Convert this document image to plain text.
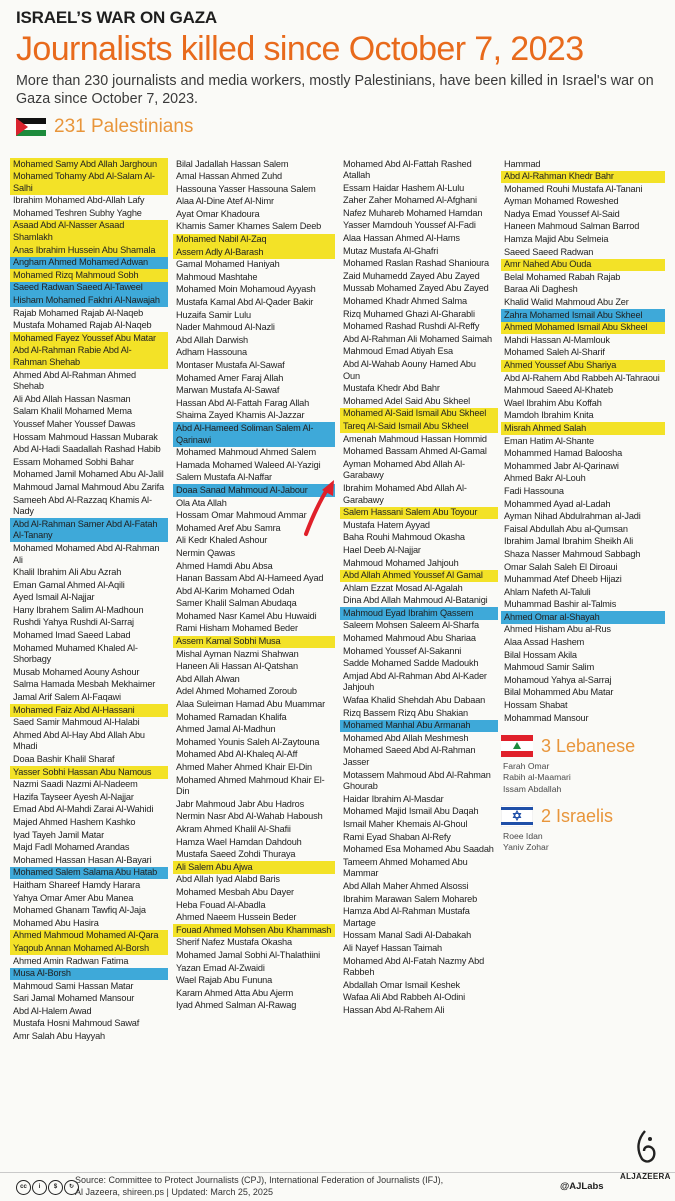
ISRAEL’S WAR ON GAZA
Journalists killed since October 7, 2023
More than 230 journalists and media workers, mostly Palestinians, have been killed in Israel's war on Gaza since October 7, 2023.
231 Palestinians
Mohamed Samy Abd Allah Jarghoun
Mohamed Tohamy Abd Al-Salam Al-Salhi
Ibrahim Mohamed Abd-Allah Lafy
Mohamed Teshren Subhy Yaghe
Asaad Abd Al-Nasser Asaad Shamlakh
Anas Ibrahim Hussein Abu Shamala
Angham Ahmed Mohamed Adwan
Mohamed Rizq Mahmoud Sobh
Saeed Radwan Saeed Al-Taweel
Hisham Mohamed Fakhri Al-Nawajah
Rajab Mohamed Rajab Al-Naqeb
Mustafa Mohamed Rajab Al-Naqeb
Mohamed Fayez Youssef Abu Matar
Abd Al-Rahman Rabie Abd Al-Rahman Shehab
Ahmed Abd Al-Rahman Ahmed Shehab
Ali Abd Allah Hassan Nasman
Salam Khalil Mohamed Mema
Youssef Maher Youssef Dawas
Hossam Mahmoud Hassan Mubarak
Abd Al-Hadi Saadallah Rashad Habib
Essam Mohamed Sobhi Bahar
Mohamed Jamil Mohamed Abu Al-Jalil
Mahmoud Jamal Mahmoud Abu Zarifa
Sameeh Abd Al-Razzaq Khamis Al-Nady
Abd Al-Rahman Samer Abd Al-Fatah Al-Tanany
Mohamed Mohamed Abd Al-Rahman Ali
Khalil Ibrahim Ali Abu Azrah
Eman Gamal Ahmed Al-Aqili
Ayed Ismail Al-Najjar
Hany Ibrahem Salim Al-Madhoun
Rushdi Yahya Rushdi Al-Sarraj
Mohamed Imad Saeed Labad
Mohamed Muhamed Khaled Al-Shorbagy
Musab Mohamed Aouny Ashour
Salma Hamada Mesbah Mekhaimer
Jamal Arif Salem Al-Faqawi
Mohamed Faiz Abd Al-Hassani
Saed Samir Mahmoud Al-Halabi
Ahmed Abd Al-Hay Abd Allah Abu Mhadi
Doaa Bashir Khalil Sharaf
Yasser Sobhi Hassan Abu Namous
Nazmi Saadi Nazmi Al-Nadeem
Hazifa Tayseer Ayesh Al-Najjar
Emad Abd Al-Mahdi Zarai Al-Wahidi
Majed Ahmed Hashem Kashko
Iyad Tayeh Jamil Matar
Majd Fadl Mohamed Arandas
Mohamed Hassan Hasan Al-Bayari
Mohamed Salem Salama Abu Hatab
Haitham Shareef Hamdy Harara
Yahya Omar Amer Abu Manea
Mohamed Ghanam Tawfiq Al-Jaja
Mohamed Abu Hasira
Ahmed Mahmoud Mohamed Al-Qara
Yaqoub Annan Mohamed Al-Borsh
Ahmed Amin Radwan Fatima
Musa Al-Borsh
Mahmoud Sami Hassan Matar
Sari Jamal Mohamed Mansour
Abd Al-Halem Awad
Mustafa Hosni Mahmoud Sawaf
Amr Salah Abu Hayyah
Bilal Jadallah Hassan Salem
Amal Hassan Ahmed Zuhd
Hassouna Yasser Hassouna Salem
Alaa Al-Dine Atef Al-Nimr
Ayat Omar Khadoura
Khamis Samer Khames Salem Deeb
Mohamed Nabil Al-Zaq
Assem Adly Al-Barash
Gamal Mohamed Haniyah
Mahmoud Mashtahe
Mohamed Moin Mohamoud Ayyash
Mustafa Kamal Abd Al-Qader Bakir
Huzaifa Samir Lulu
Nader Mahmoud Al-Nazli
Abd Allah Darwish
Adham Hassouna
Montaser Mustafa Al-Sawaf
Mohamed Amer Faraj Allah
Marwan Mustafa Al-Sawaf
Hassan Abd Al-Fattah Farag Allah
Shaima Zayed Khamis Al-Jazzar
Abd Al-Hameed Soliman Salem Al-Qarinawi
Mohamed Mahmoud Ahmed Salem
Hamada Mohamed Waleed Al-Yazigi
Salem Mustafa Al-Naffar
Doaa Sanad Mahmoud Al-Jabour
Ola Ata Allah
Hossam Omar Mahmoud Ammar
Mohamed Aref Abu Samra
Ali Kedr Khaled Ashour
Nermin Qawas
Ahmed Hamdi Abu Absa
Hanan Bassam Abd Al-Hameed Ayad
Abd Al-Karim Mohamed Odah
Samer Khalil Salman Abudaqa
Mohamed Nasr Kamel Abu Huwaidi
Rami Hisham Mohamed Beder
Assem Kamal Sobhi Musa
Mishal Ayman Nazmi Shahwan
Haneen Ali Hassan Al-Qatshan
Abd Allah Alwan
Adel Ahmed Mohamed Zoroub
Alaa Suleiman Hamad Abu Muammar
Mohamed Ramadan Khalifa
Ahmed Jamal Al-Madhun
Mohamed Younis Saleh Al-Zaytouna
Mohamed Abd Al-Khaleq Al-Aff
Ahmed Maher Ahmed Khair El-Din
Mohamed Ahmed Mahmoud Khair El-Din
Jabr Mahmoud Jabr Abu Hadros
Nermin Nasr Abd Al-Wahab Haboush
Akram Ahmed Khalil Al-Shafii
Hamza Wael Hamdan Dahdouh
Mustafa Saeed Zohdi Thuraya
Ali Salem Abu Ajwa
Abd Allah Iyad Alabd Baris
Mohamed Mesbah Abu Dayer
Heba Fouad Al-Abadla
Ahmed Naeem Hussein Beder
Fouad Ahmed Mohsen Abu Khammash
Sherif Nafez Mustafa Okasha
Mohamed Jamal Sobhi Al-Thalathiini
Yazan Emad Al-Zwaidi
Wael Rajab Abu Fununa
Karam Ahmed Atta Abu Ajerm
Iyad Ahmed Salman Al-Rawag
Mohamed Abd Al-Fattah Rashed Atallah
Essam Haidar Hashem Al-Lulu
Zaher Zaher Mohamed Al-Afghani
Nafez Muhareb Mohamed Hamdan
Yasser Mamdouh Youssef Al-Fadi
Alaa Hassan Ahmed Al-Hams
Mutaz Mustafa Al-Ghafri
Mohamed Raslan Rashad Shanioura
Zaid Muhamedd Zayed Abu Zayed
Mussab Mohamed Zayed Abu Zayed
Mohamed Khadr Ahmed Salma
Rizq Muhamed Ghazi Al-Gharabli
Mohamed Rashad Rushdi Al-Reffy
Abd Al-Rahman Ali Mohamed Saimah
Mahmoud Emad Atiyah Esa
Abd Al-Wahab Aouny Hamed Abu Oun
Mustafa Khedr Abd Bahr
Mohamed Adel Said Abu Skheel
Mohamed Al-Said Ismail Abu Skheel
Tareq Al-Said Ismail Abu Skheel
Amenah Mahmoud Hassan Hommid
Mohamed Bassam Ahmed Al-Gamal
Ayman Mohamed Abd Allah Al-Garabawy
Ibrahim Mohamed Abd Allah Al-Garabawy
Salem Hassani Salem Abu Toyour
Mustafa Hatem Ayyad
Baha Rouhi Mahmoud Okasha
Hael Deeb Al-Najjar
Mahmoud Mohamed Jahjouh
Abd Allah Ahmed Youssef Al Gamal
Ahlam Ezzat Mosad Al-Agalah
Dina Abd Allah Mahmoud Al-Batanigi
Mahmoud Eyad Ibrahim Qassem
Saleem Mohsen Saleem Al-Sharfa
Mohamed Mahmoud Abu Shariaa
Mohamed Youssef Al-Sakanni
Sadde Mohamed Sadde Madoukh
Amjad Abd Al-Rahman Abd Al-Kader Jahjouh
Wafaa Khalid Shehdah Abu Dabaan
Rizq Bassem Rizq Abu Shakian
Mohamed Manhal Abu Armanah
Mohamed Abd Allah Meshmesh
Mohamed Saeed Abd Al-Rahman Jasser
Motassem Mahmoud Abd Al-Rahman Ghourab
Haidar Ibrahim Al-Masdar
Mohamed Majid Ismail Abu Daqah
Ismail Maher Khemais Al-Ghoul
Rami Eyad Shaban Al-Refy
Mohamed Esa Mohamed Abu Saadah
Tameem Ahmed Mohamed Abu Mammar
Abd Allah Maher Ahmed Alsossi
Ibrahim Marawan Salem Mohareb
Hamza Abd Al-Rahman Mustafa Martage
Hossam Manal Sadi Al-Dabakah
Ali Nayef Hassan Taimah
Mohamed Abd Al-Fatah Nazmy Abd Rabbeh
Abdallah Omar Ismail Keshek
Wafaa Ali Abd Rabbeh Al-Odini
Hassan Abd Al-Rahem Ali
Hammad
Abd Al-Rahman Khedr Bahr
Mohamed Rouhi Mustafa Al-Tanani
Ayman Mohamed Roweshed
Nadya Emad Youssef Al-Said
Haneen Mahmoud Salman Barrod
Hamza Majid Abu Selmeia
Saeed Saeed Radwan
Amr Nahed Abu Ouda
Belal Mohamed Rabah Rajab
Baraa Ali Daghesh
Khalid Walid Mahmoud Abu Zer
Zahra Mohamed Ismail Abu Skheel
Ahmed Mohamed Ismail Abu Skheel
Mahdi Hassan Al-Mamlouk
Mohamed Saleh Al-Sharif
Ahmed Youssef Abu Shariya
Abd Al-Rahem Abd Rabbeh Al-Tahraoui
Mahmoud Saeed Al-Khateb
Wael Ibrahim Abu Koffah
Mamdoh Ibrahim Knita
Misrah Ahmed Salah
Eman Hatim Al-Shante
Mohammed Hamad Baloosha
Mohammed Jabr Al-Qarinawi
Ahmed Bakr Al-Louh
Fadi Hassouna
Mohammed Ayad al-Ladah
Ayman Nihad Abdulrahman al-Jadi
Faisal Abdullah Abu al-Qumsan
Ibrahim Jamal Ibrahim Sheikh Ali
Shaza Nasser Mahmoud Sabbagh
Omar Salah Saleh El Diroaui
Muhammad Atef Dheeb Hijazi
Ahlam Nafeth Al-Taluli
Muhammad Bashir al-Talmis
Ahmed Omar al-Shayah
Ahmed Hisham Abu al-Rus
Alaa Assad Hashem
Bilal Hossam Akila
Mahmoud Samir Salim
Mohamoud Yahya al-Sarraj
Bilal Mohammed Abu Matar
Hossam Shabat
Mohammad Mansour
3 Lebanese
Farah Omar
Rabih al-Maamari
Issam Abdallah
2 Israelis
Roee Idan
Yaniv Zohar
cc	i	$	↻
Source: Committee to Protect Journalists (CPJ), International Federation of Journalists (IFJ),
Al Jazeera, shireen.ps | Updated: March 25, 2025	@AJLabs
ALJAZEERA
